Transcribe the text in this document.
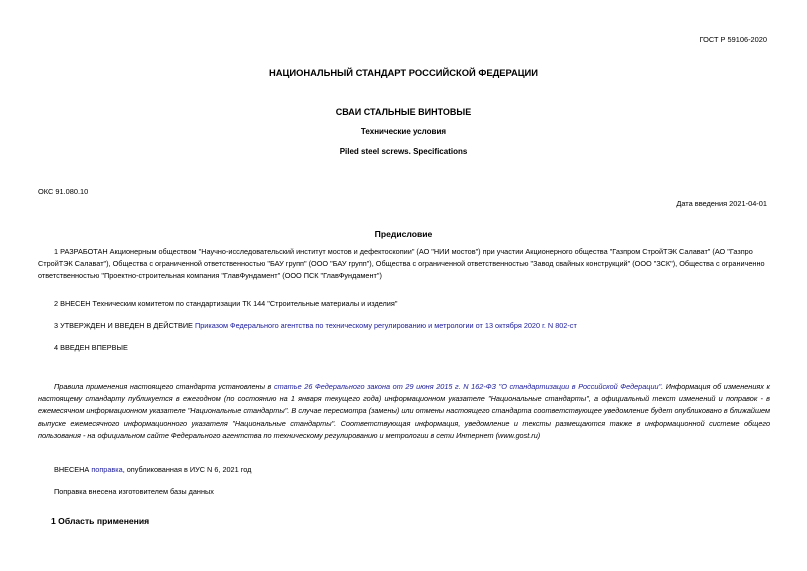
ГОСТ Р 59106-2020
НАЦИОНАЛЬНЫЙ СТАНДАРТ РОССИЙСКОЙ ФЕДЕРАЦИИ
СВАИ СТАЛЬНЫЕ ВИНТОВЫЕ
Технические условия
Piled steel screws. Specifications
ОКС 91.080.10
Дата введения 2021-04-01
Предисловие
1 РАЗРАБОТАН Акционерным обществом "Научно-исследовательский институт мостов и дефектоскопии" (АО "НИИ мостов") при участии Акционерного общества "Газпром СтройТЭК Салават" (АО "Газпро СтройТЭК Салават"), Общества с ограниченной ответственностью "БАУ групп" (ООО "БАУ групп"), Общества с ограниченной ответственностью "Завод свайных конструкций" (ООО "ЗСК"), Общества с ограниченно ответственностью "Проектно-строительная компания "ГлавФундамент" (ООО ПСК "ГлавФундамент")
2 ВНЕСЕН Техническим комитетом по стандартизации ТК 144 "Строительные материалы и изделия"
3 УТВЕРЖДЕН И ВВЕДЕН В ДЕЙСТВИЕ Приказом Федерального агентства по техническому регулированию и метрологии от 13 октября 2020 г. N 802-ст
4 ВВЕДЕН ВПЕРВЫЕ
Правила применения настоящего стандарта установлены в статье 26 Федерального закона от 29 июня 2015 г. N 162-ФЗ "О стандартизации в Российской Федерации". Информация об изменениях к настоящему стандарту публикуется в ежегодном (по состоянию на 1 января текущего года) информационном указателе "Национальные стандарты", а официальный текст изменений и поправок - в ежемесячном информационном указателе "Национальные стандарты". В случае пересмотра (замены) или отмены настоящего стандарта соответствующее уведомление будет опубликовано в ближайшем выпуске ежемесячного информационного указателя "Национальные стандарты". Соответствующая информация, уведомление и тексты размещаются также в информационной системе общего пользования - на официальном сайте Федерального агентства по техническому регулированию и метрологии в сети Интернет (www.gost.ru)
ВНЕСЕНА поправка, опубликованная в ИУС N 6, 2021 год
Поправка внесена изготовителем базы данных
1 Область применения
